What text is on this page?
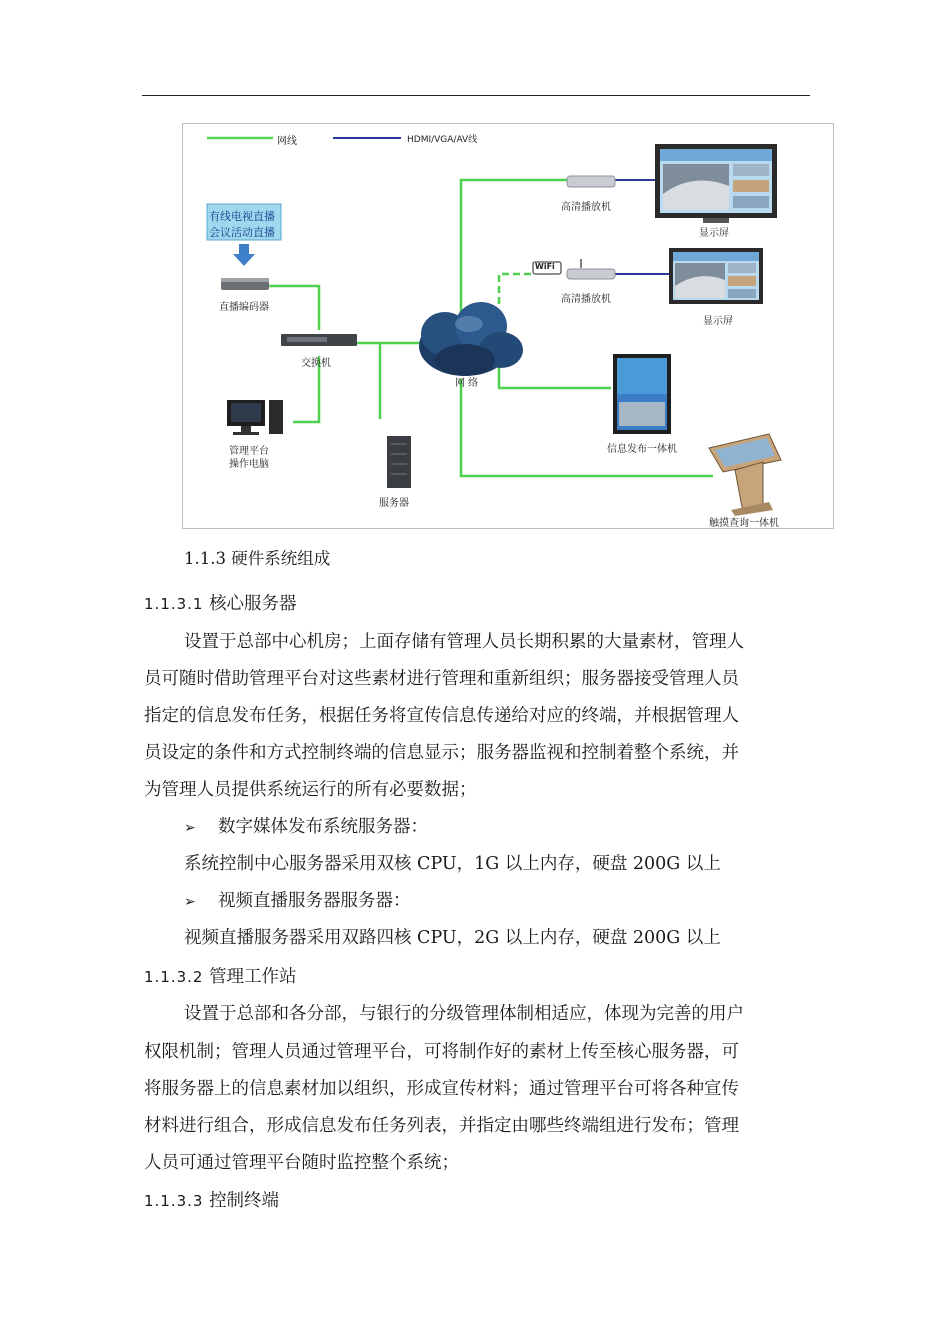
网线	HDMI/VGA/AV线
有线电视直播
会议活动直播
直播编码器
交换机
管理平台
操作电脑
服务器
网 络
WiFi
高清播放机
显示屏
高清播放机
显示屏
信息发布一体机
触摸查询一体机
1.1.3 硬件系统组成
1.1.3.1 核心服务器
设置于总部中心机房；上面存储有管理人员长期积累的大量素材，管理人
员可随时借助管理平台对这些素材进行管理和重新组织；服务器接受管理人员
指定的信息发布任务，根据任务将宣传信息传递给对应的终端，并根据管理人
员设定的条件和方式控制终端的信息显示；服务器监视和控制着整个系统，并
为管理人员提供系统运行的所有必要数据；
➢ 数字媒体发布系统服务器：
系统控制中心服务器采用双核 CPU，1G 以上内存，硬盘 200G 以上
➢ 视频直播服务器服务器：
视频直播服务器采用双路四核 CPU，2G 以上内存，硬盘 200G 以上
1.1.3.2 管理工作站
设置于总部和各分部，与银行的分级管理体制相适应，体现为完善的用户
权限机制；管理人员通过管理平台，可将制作好的素材上传至核心服务器，可
将服务器上的信息素材加以组织，形成宣传材料；通过管理平台可将各种宣传
材料进行组合，形成信息发布任务列表，并指定由哪些终端组进行发布；管理
人员可通过管理平台随时监控整个系统；
1.1.3.3 控制终端
